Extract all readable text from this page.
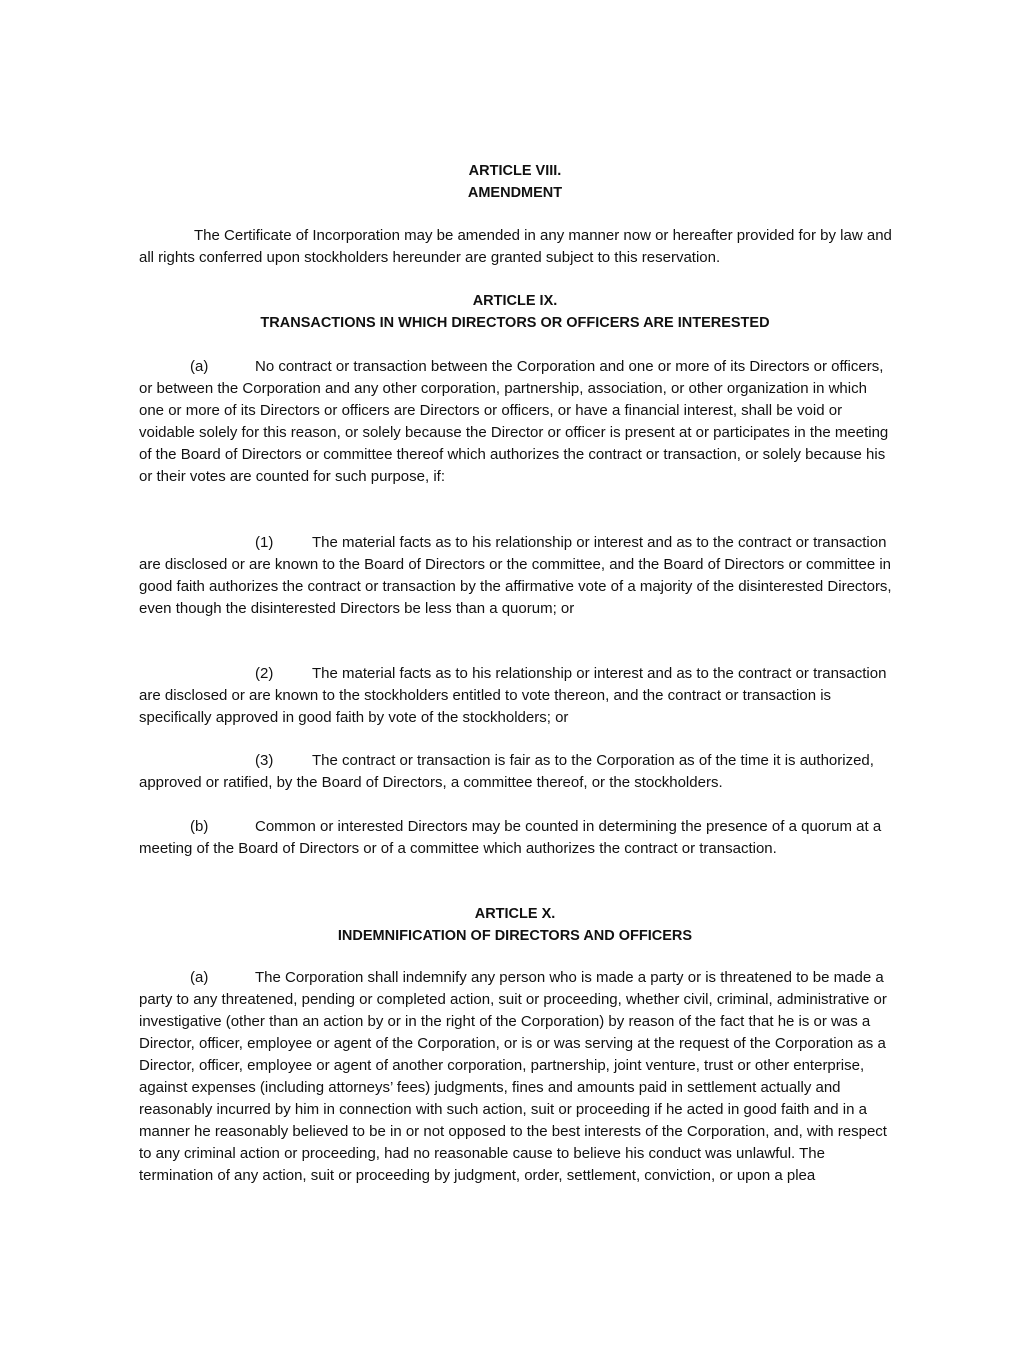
ARTICLE VIII.
AMENDMENT
The Certificate of Incorporation may be amended in any manner now or hereafter provided for by law and all rights conferred upon stockholders hereunder are granted subject to this reservation.
ARTICLE IX.
TRANSACTIONS IN WHICH DIRECTORS OR OFFICERS ARE INTERESTED
(a)	No contract or transaction between the Corporation and one or more of its Directors or officers, or between the Corporation and any other corporation, partnership, association, or other organization in which one or more of its Directors or officers are Directors or officers, or have a financial interest, shall be void or voidable solely for this reason, or solely because the Director or officer is present at or participates in the meeting of the Board of Directors or committee thereof which authorizes the contract or transaction, or solely because his or their votes are counted for such purpose, if:
(1)	The material facts as to his relationship or interest and as to the contract or transaction are disclosed or are known to the Board of Directors or the committee, and the Board of Directors or committee in good faith authorizes the contract or transaction by the affirmative vote of a majority of the disinterested Directors, even though the disinterested Directors be less than a quorum; or
(2)	The material facts as to his relationship or interest and as to the contract or transaction are disclosed or are known to the stockholders entitled to vote thereon, and the contract or transaction is specifically approved in good faith by vote of the stockholders; or
(3)	The contract or transaction is fair as to the Corporation as of the time it is authorized, approved or ratified, by the Board of Directors, a committee thereof, or the stockholders.
(b)	Common or interested Directors may be counted in determining the presence of a quorum at a meeting of the Board of Directors or of a committee which authorizes the contract or transaction.
ARTICLE X.
INDEMNIFICATION OF DIRECTORS AND OFFICERS
(a)	The Corporation shall indemnify any person who is made a party or is threatened to be made a party to any threatened, pending or completed action, suit or proceeding, whether civil, criminal, administrative or investigative (other than an action by or in the right of the Corporation) by reason of the fact that he is or was a Director, officer, employee or agent of the Corporation, or is or was serving at the request of the Corporation as a Director, officer, employee or agent of another corporation, partnership, joint venture, trust or other enterprise, against expenses (including attorneys’ fees) judgments, fines and amounts paid in settlement actually and reasonably incurred by him in connection with such action, suit or proceeding if he acted in good faith and in a manner he reasonably believed to be in or not opposed to the best interests of the Corporation, and, with respect to any criminal action or proceeding, had no reasonable cause to believe his conduct was unlawful. The termination of any action, suit or proceeding by judgment, order, settlement, conviction, or upon a plea
